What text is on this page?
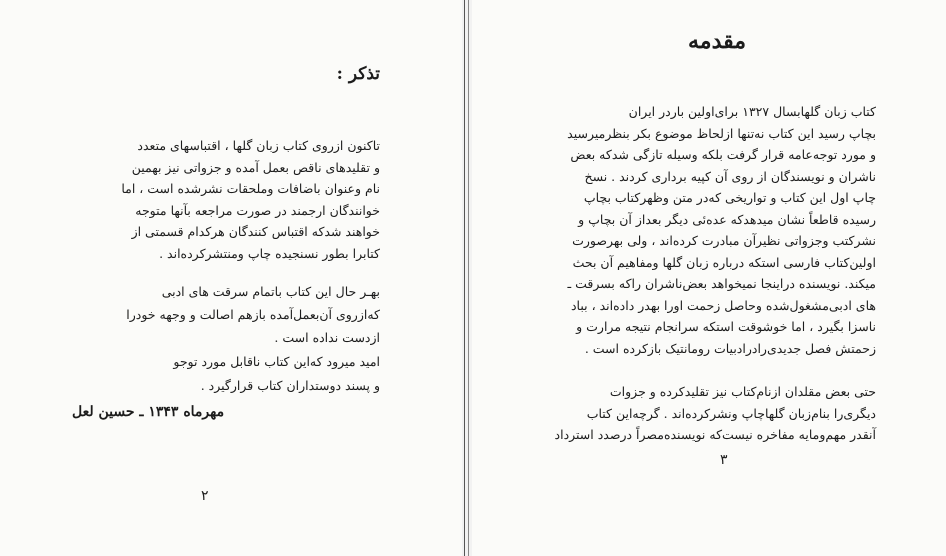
تذکر :
تاکنون ازروی کتاب زبان گلها ، اقتباسهای متعدد
و تقلیدهای ناقص بعمل آمده و جزواتی نیز بهمین
نام وعنوان باضافات وملحقات نشرشده است ، اما
خوانندگان ارجمند در صورت مراجعه بآنها متوجه
خواهند شدکه اقتباس کنندگان هرکدام قسمتی از
کتابرا بطور نسنجیده چاپ ومنتشرکرده‌اند .
بهـر حال این کتاب باتمام سرقت های ادبی
که‌ازروی آن‌بعمل‌آمده بازهم اصالت و وجهه خودرا
ازدست نداده است .
امید میرود که‌این کتاب ناقابل مورد توجو
و پسند دوستداران کتاب قرارگیرد .
مهرماه ۱۳۴۳ ـ حسین لعل
۲
مقدمه
کتاب زبان گلهابسال ۱۳۲۷ برای‌اولین باردر ایران
بچاپ رسید این کتاب نه‌تنها ازلحاظ موضوع بکر بنظرمیرسید
و مورد توجه‌عامه قرار گرفت بلکه وسیله تازگی شدکه بعض
ناشران و نویسندگان از روی آن کپیه برداری کردند . نسخ
چاپ اول این کتاب و تواریخی که‌در متن وظهرکتاب بچاپ
رسیده قاطعاً نشان میدهدکه عده‌ئی دیگر بعداز آن بچاپ و
نشرکتب وجزواتی نظیرآن مبادرت کرده‌اند ، ولی بهرصورت
اولین‌کتاب فارسی استکه درباره زبان گلها ومفاهیم آن بحث
میکند. نویسنده دراینجا نمیخواهد بعض‌ناشران راکه بسرقت ـ
های ادبی‌مشغول‌شده وحاصل زحمت اورا بهدر داده‌اند ، بباد
ناسزا بگیرد ، اما خوشوقت استکه سرانجام نتیجه مرارت و
زحمتش فصل جدیدی‌رادرادبیات رومانتیک بازکرده است .
حتی بعض مقلدان ازنام‌کتاب نیز تقلیدکرده و جزوات
دیگری‌را بنام‌زبان گلها‌چاپ ونشرکرده‌اند . گرچه‌این کتاب
آنقدر مهم‌ومایه مفاخره نیست‌که نویسنده‌مصراً درصدد استرداد
۳
